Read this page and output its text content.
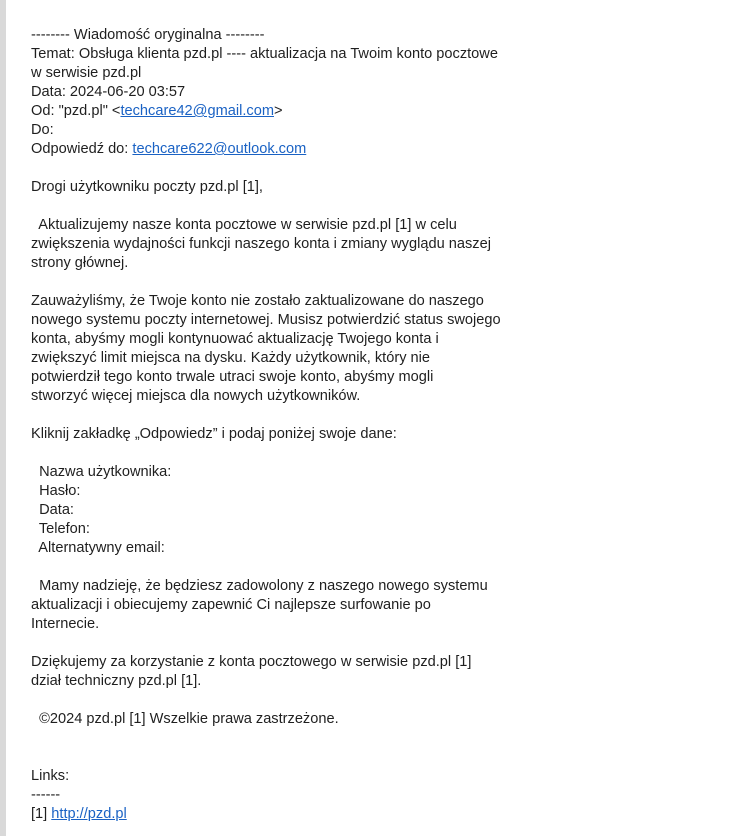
-------- Wiadomość oryginalna --------

Temat: Obsługa klienta pzd.pl ---- aktualizacja na Twoim konto pocztowe

w serwisie pzd.pl

Data: 2024-06-20 03:57

Od: "pzd.pl" <techcare42@gmail.com>

Do:

Odpowiedź do: techcare622@outlook.com

Drogi użytkowniku poczty pzd.pl [1],

Aktualizujemy nasze konta pocztowe w serwisie pzd.pl [1] w celu

zwiększenia wydajności funkcji naszego konta i zmiany wyglądu naszej

strony głównej.

Zauważyliśmy, że Twoje konto nie zostało zaktualizowane do naszego

nowego systemu poczty internetowej. Musisz potwierdzić status swojego

konta, abyśmy mogli kontynuować aktualizację Twojego konta i

zwiększyć limit miejsca na dysku. Każdy użytkownik, który nie

potwierdził tego konto trwale utraci swoje konto, abyśmy mogli

stworzyć więcej miejsca dla nowych użytkowników.

Kliknij zakładkę „Odpowiedz” i podaj poniżej swoje dane:

Nazwa użytkownika:

Hasło:

Data:

Telefon:

Alternatywny email:

Mamy nadzieję, że będziesz zadowolony z naszego nowego systemu

aktualizacji i obiecujemy zapewnić Ci najlepsze surfowanie po

Internecie.

Dziękujemy za korzystanie z konta pocztowego w serwisie pzd.pl [1]

dział techniczny pzd.pl [1].

©2024 pzd.pl [1] Wszelkie prawa zastrzeżone.

Links:

------

[1] http://pzd.pl
